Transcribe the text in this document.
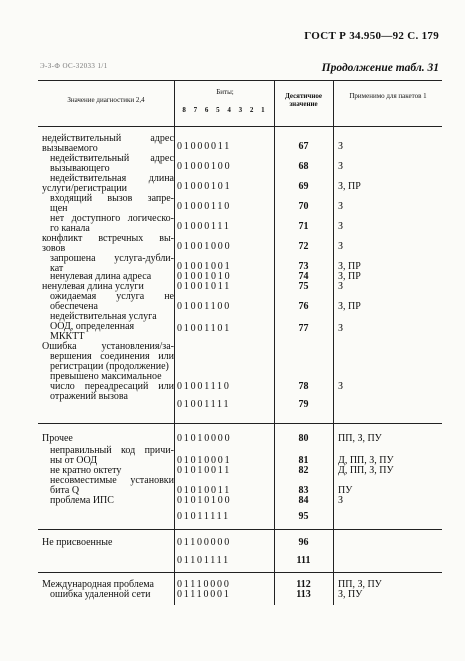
ГОСТ Р 34.950—92 С. 179
Э-З-Ф ОС-32033 1/1	Продолжение табл. 31
Значение диагностики 2,4
Биты;
8 7 6 5 4 3 2 1
Десятичное значение
Применимо для пакетов 1
недействительный адрес
вызываемого	01000011	67	З
недействительный адрес
вызывающего	01000100	68	З
недействительная длина
услуги/регистрации	01000101	69	З, ПР
входящий вызов запре-
щен	01000110	70	З
нет доступного логическо-
го канала	01000111	71	З
конфликт встречных вы-
зовов	01001000	72	З
запрошена услуга-дубли-
кат	01001001	73	З, ПР
ненулевая длина адреса	01001010	74	З, ПР
ненулевая длина услуги	01001011	75	З
ожидаемая услуга не
обеспечена	01001100	76	З, ПР
недействительная услуга
ООД, определенная
МККТТ
01001101	77	З
Ошибка установления/за-
вершения соединения или
регистрации (продолжение)
превышено максимальное
число переадресаций или
отражений вызова
01001110	78	З
01001111	79
Прочее	01010000	80	ПП, З, ПУ
неправильный код причи-
ны от ООД	01010001	81	Д, ПП, З, ПУ
не кратно октету	01010011	82	Д, ПП, З, ПУ
несовместимые установки
бита Q	01010011	83	ПУ
проблема ИПС	01010100	84	З
01011111	95
Не присвоенные	01100000	96
01101111	111
Международная проблема	01110000	112	ПП, З, ПУ
ошибка удаленной сети	01110001	113	З, ПУ
